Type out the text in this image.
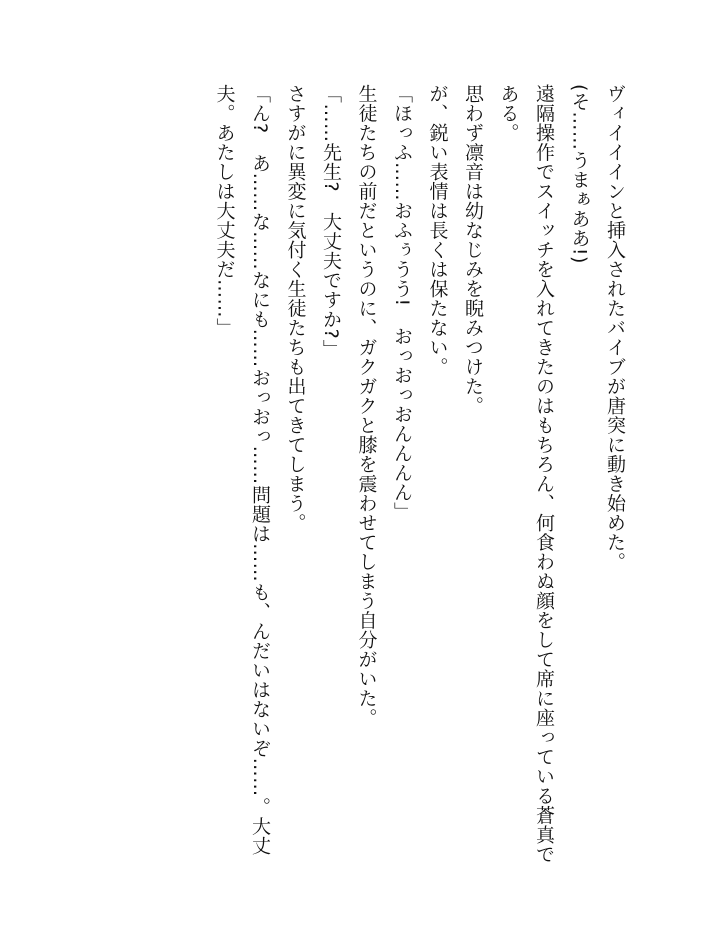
ヴィイイインと挿入されたバイブが唐突に動き始めた。

(そ……うまぁああ!)

遠隔操作でスイッチを入れてきたのはもちろん、何食わぬ顔をして席に座っている蒼真である。

思わず凛音は幼なじみを睨みつけた。

が、鋭い表情は長くは保たない。

「ほっふ……おふぅうう!　おっおっおんんんん」

生徒たちの前だというのに、ガクガクと膝を震わせてしまう自分がいた。

「……先生?　大丈夫ですか?」

さすがに異変に気付く生徒たちも出てきてしまう。

「ん?　あ……な……なにも……おっおっ……問題は……も、んだいはないぞ……。大丈夫。あたしは大丈夫だ……」
